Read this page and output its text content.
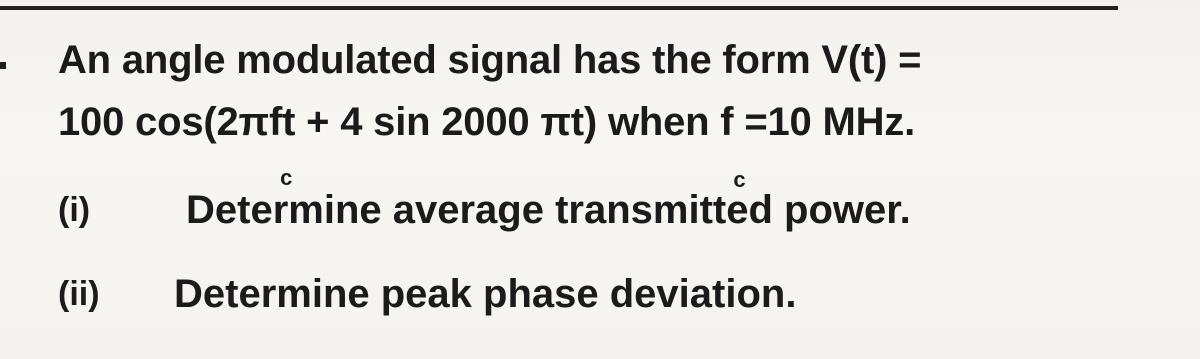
An angle modulated signal has the form V(t) =
100 cos(2πf
c
t + 4 sin 2000 πt) when f
c
=10 MHz.
(i) Determine average transmitted power.
(ii) Determine peak phase deviation.
